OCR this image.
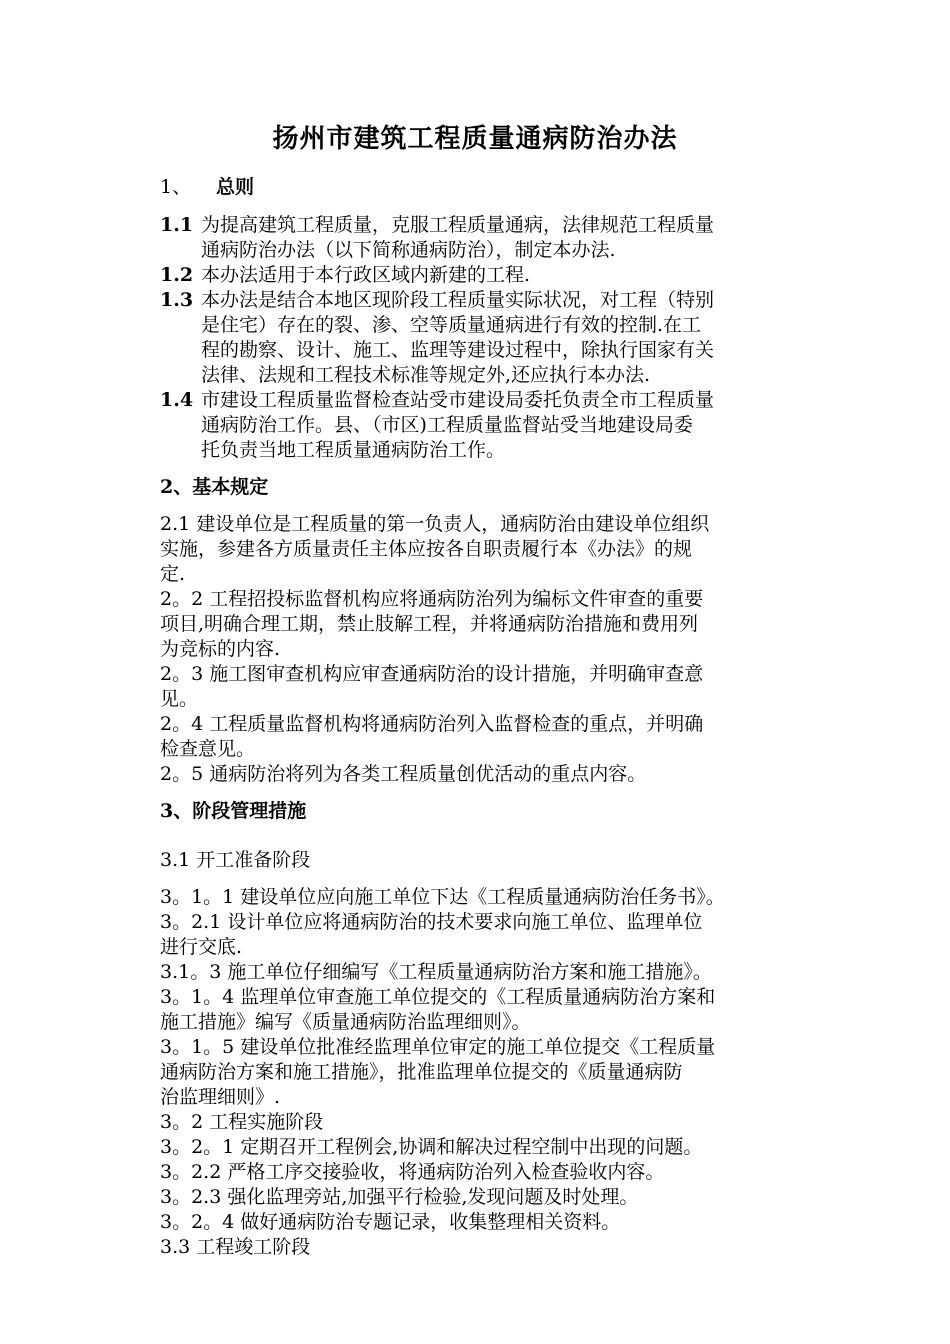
扬州市建筑工程质量通病防治办法
1、 总则
1.1 为提高建筑工程质量，克服工程质量通病，法律规范工程质量
通病防治办法（以下简称通病防治），制定本办法.
1.2 本办法适用于本行政区域内新建的工程.
1.3 本办法是结合本地区现阶段工程质量实际状况，对工程（特别
是住宅）存在的裂、渗、空等质量通病进行有效的控制.在工
程的勘察、设计、施工、监理等建设过程中，除执行国家有关
法律、法规和工程技术标准等规定外,还应执行本办法.
1.4 市建设工程质量监督检查站受市建设局委托负责全市工程质量
通病防治工作。县、（市区)工程质量监督站受当地建设局委
托负责当地工程质量通病防治工作。
2、基本规定
2.1 建设单位是工程质量的第一负责人，通病防治由建设单位组织
实施，参建各方质量责任主体应按各自职责履行本《办法》的规
定.
2。2 工程招投标监督机构应将通病防治列为编标文件审查的重要
项目,明确合理工期，禁止肢解工程，并将通病防治措施和费用列
为竞标的内容.
2。3 施工图审查机构应审查通病防治的设计措施，并明确审查意
见。
2。4 工程质量监督机构将通病防治列入监督检查的重点，并明确
检查意见。
2。5 通病防治将列为各类工程质量创优活动的重点内容。
3、阶段管理措施
3.1 开工准备阶段
3。1。1 建设单位应向施工单位下达《工程质量通病防治任务书》。
3。2.1 设计单位应将通病防治的技术要求向施工单位、监理单位
进行交底.
3.1。3 施工单位仔细编写《工程质量通病防治方案和施工措施》。
3。1。4 监理单位审查施工单位提交的《工程质量通病防治方案和
施工措施》编写《质量通病防治监理细则》。
3。1。5 建设单位批准经监理单位审定的施工单位提交《工程质量
通病防治方案和施工措施》，批准监理单位提交的《质量通病防
治监理细则》.
3。2 工程实施阶段
3。2。1 定期召开工程例会,协调和解决过程空制中出现的问题。
3。2.2 严格工序交接验收，将通病防治列入检查验收内容。
3。2.3 强化监理旁站,加强平行检验,发现问题及时处理。
3。2。4 做好通病防治专题记录，收集整理相关资料。
3.3 工程竣工阶段
